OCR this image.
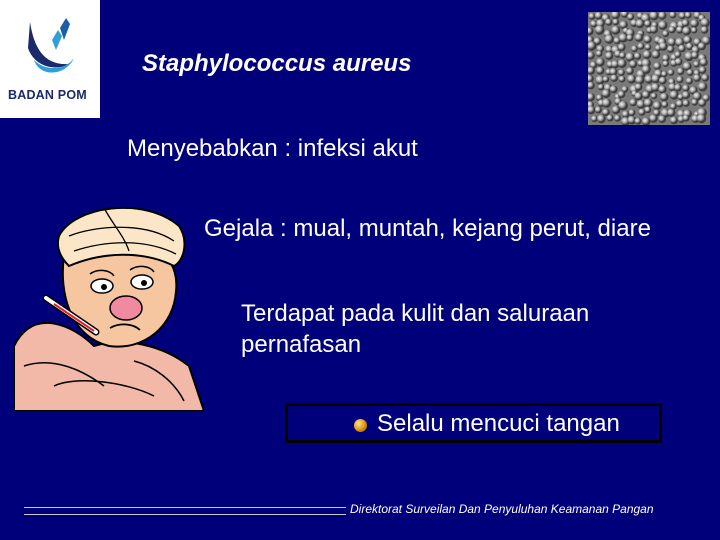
BADAN POM
Staphylococcus aureus
Menyebabkan : infeksi akut
Gejala : mual, muntah, kejang perut, diare
Terdapat pada kulit dan saluraan pernafasan
Selalu mencuci tangan
Direktorat Surveilan Dan Penyuluhan Keamanan Pangan
